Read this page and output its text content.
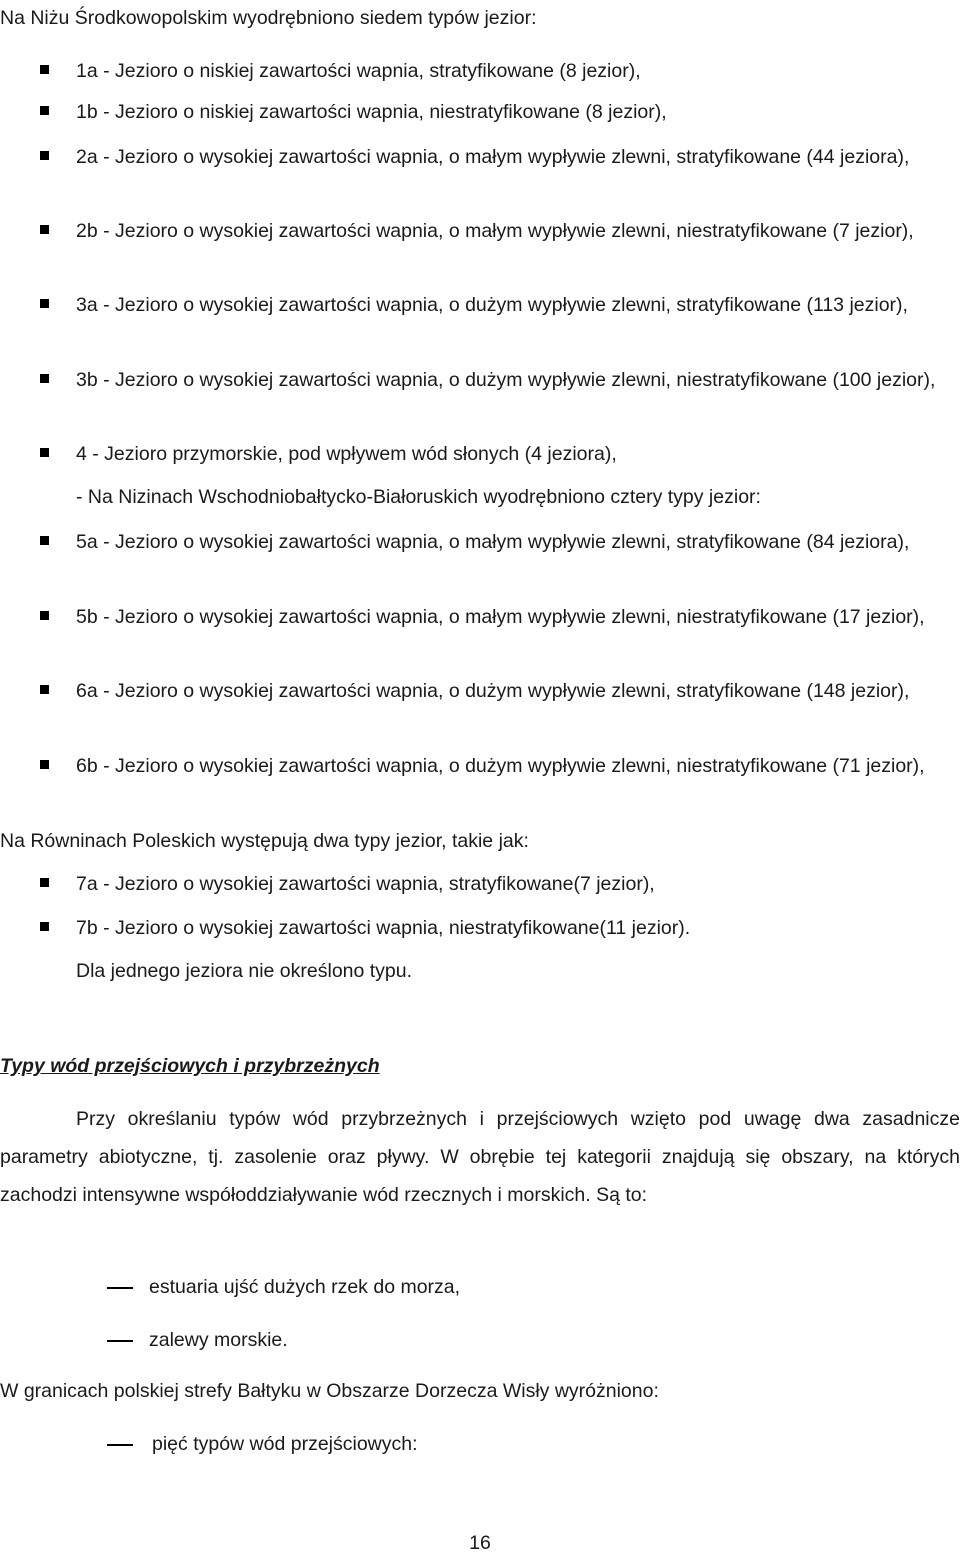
Na Niżu Środkowopolskim wyodrębniono siedem typów jezior:
1a - Jezioro o niskiej zawartości wapnia, stratyfikowane (8 jezior),
1b - Jezioro o niskiej zawartości wapnia, niestratyfikowane (8 jezior),
2a - Jezioro o wysokiej zawartości wapnia, o małym wypływie zlewni, stratyfikowane (44 jeziora),
2b - Jezioro o wysokiej zawartości wapnia, o małym wypływie zlewni, niestratyfikowane (7 jezior),
3a - Jezioro o wysokiej zawartości wapnia, o dużym wypływie zlewni, stratyfikowane (113 jezior),
3b - Jezioro o wysokiej zawartości wapnia, o dużym wypływie zlewni, niestratyfikowane (100 jezior),
4 - Jezioro przymorskie, pod wpływem wód słonych (4 jeziora),
- Na Nizinach Wschodniobałtycko-Białoruskich wyodrębniono cztery typy jezior:
5a - Jezioro o wysokiej zawartości wapnia, o małym wypływie zlewni, stratyfikowane (84 jeziora),
5b - Jezioro o wysokiej zawartości wapnia, o małym wypływie zlewni, niestratyfikowane (17 jezior),
6a - Jezioro o wysokiej zawartości wapnia, o dużym wypływie zlewni, stratyfikowane (148 jezior),
6b - Jezioro o wysokiej zawartości wapnia, o dużym wypływie zlewni, niestratyfikowane (71 jezior),
Na Równinach Poleskich występują dwa typy jezior, takie jak:
7a - Jezioro o wysokiej zawartości wapnia, stratyfikowane(7 jezior),
7b - Jezioro o wysokiej zawartości wapnia, niestratyfikowane(11 jezior).
Dla jednego jeziora nie określono typu.
Typy wód przejściowych i przybrzeżnych
Przy określaniu typów wód przybrzeżnych i przejściowych wzięto pod uwagę dwa zasadnicze parametry abiotyczne, tj. zasolenie oraz pływy. W obrębie tej kategorii znajdują się obszary, na których zachodzi intensywne współoddziaływanie wód rzecznych i morskich. Są to:
estuaria ujść dużych rzek do morza,
zalewy morskie.
W granicach polskiej strefy Bałtyku w Obszarze Dorzecza Wisły wyróżniono:
pięć typów wód przejściowych:
16
